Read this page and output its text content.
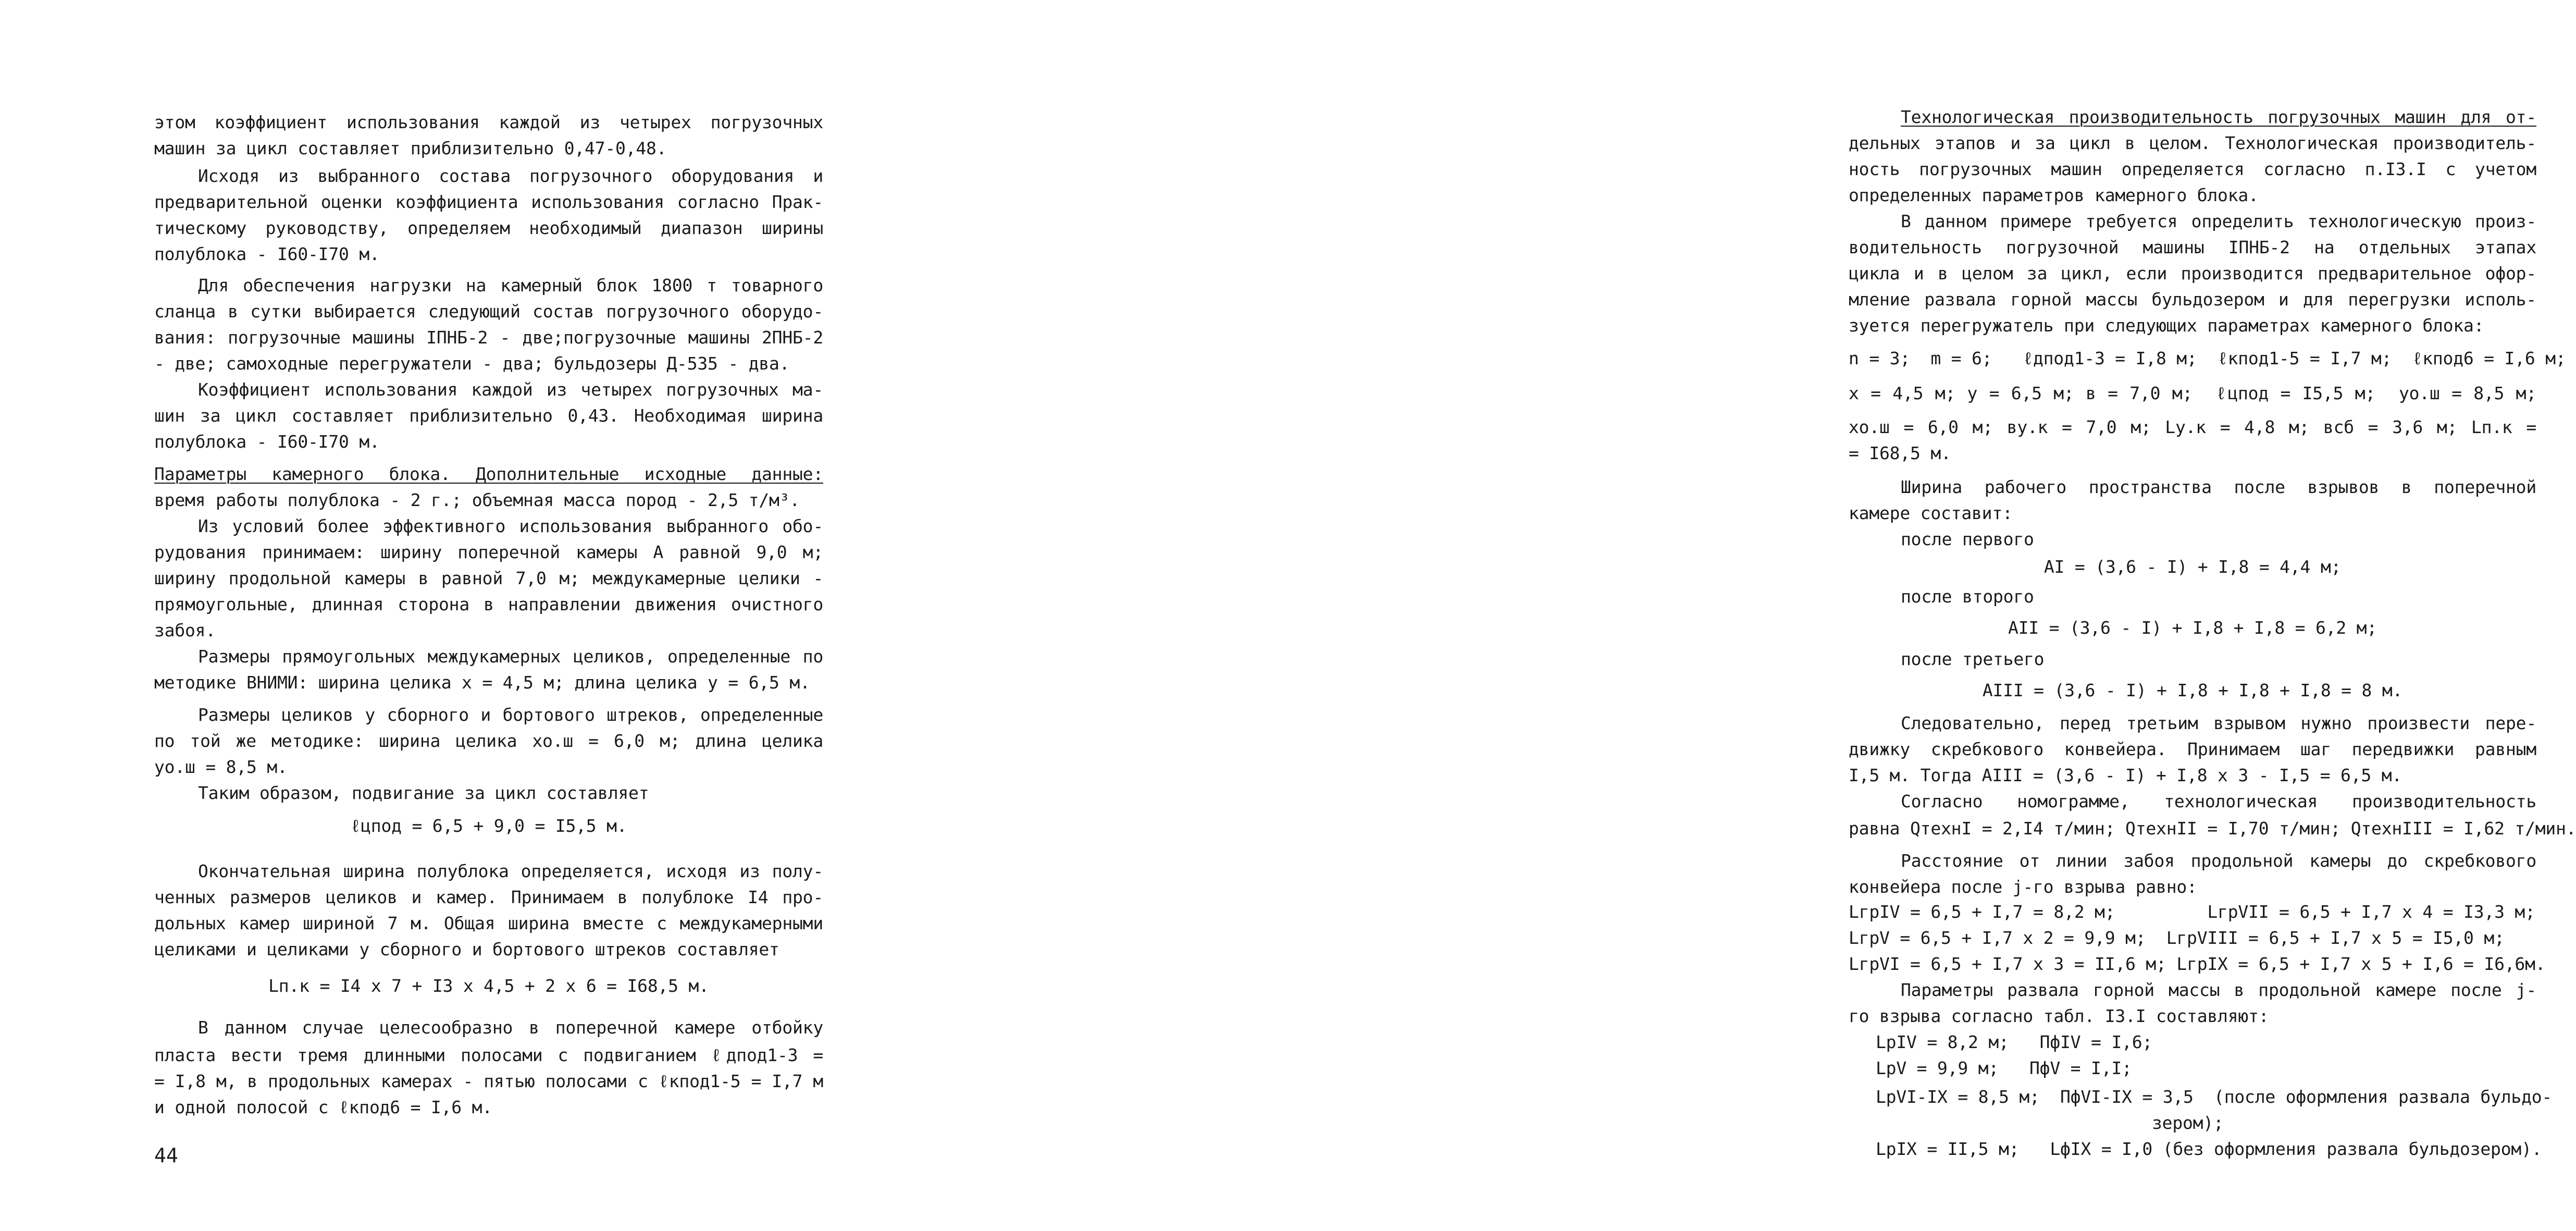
этом коэффициент использования каждой из четырех погрузочных
машин за цикл составляет приблизительно 0,47-0,48.
Исходя из выбранного состава погрузочного оборудования и
предварительной оценки коэффициента использования согласно Прак-
тическому руководству, определяем необходимый диапазон ширины
полублока - I60-I70 м.
Для обеспечения нагрузки на камерный блок 1800 т товарного
сланца в сутки выбирается следующий состав погрузочного оборудо-
вания: погрузочные машины IПНБ-2 - две;погрузочные машины 2ПНБ-2
- две; самоходные перегружатели - два; бульдозеры Д-535 - два.
Коэффициент использования каждой из четырех погрузочных ма-
шин за цикл составляет приблизительно 0,43. Необходимая ширина
полублока - I60-I70 м.
Параметры камерного блока. Дополнительные исходные данные:
время работы полублока - 2 г.; объемная масса пород - 2,5 т/м³.
Из условий более эффективного использования выбранного обо-
рудования принимаем: ширину поперечной камеры A равной 9,0 м;
ширину продольной камеры в равной 7,0 м; междукамерные целики -
прямоугольные, длинная сторона в направлении движения очистного
забоя.
Размеры прямоугольных междукамерных целиков, определенные по
методике ВНИМИ: ширина целика x = 4,5 м; длина целика y = 6,5 м.
Размеры целиков у сборного и бортового штреков, определенные
по той же методике: ширина целика xо.ш = 6,0 м; длина целика
yо.ш = 8,5 м.
Таким образом, подвигание за цикл составляет
ℓцпод = 6,5 + 9,0 = I5,5 м.
Окончательная ширина полублока определяется, исходя из полу-
ченных размеров целиков и камер. Принимаем в полублоке I4 про-
дольных камер шириной 7 м. Общая ширина вместе с междукамерными
целиками и целиками у сборного и бортового штреков составляет
Lп.к = I4 x 7 + I3 x 4,5 + 2 x 6 = I68,5 м.
В данном случае целесообразно в поперечной камере отбойку
пласта вести тремя длинными полосами с подвиганием ℓдпод1-3 =
= I,8 м, в продольных камерах - пятью полосами с ℓкпод1-5 = I,7 м
и одной полосой с ℓкпод6 = I,6 м.
44
Технологическая производительность погрузочных машин для от-
дельных этапов и за цикл в целом. Технологическая производитель-
ность погрузочных машин определяется согласно п.I3.I с учетом
определенных параметров камерного блока.
В данном примере требуется определить технологическую произ-
водительность погрузочной машины IПНБ-2 на отдельных этапах
цикла и в целом за цикл, если производится предварительное офор-
мление развала горной массы бульдозером и для перегрузки исполь-
зуется перегружатель при следующих параметрах камерного блока:
n = 3;  m = 6;   ℓдпод1-3 = I,8 м;  ℓкпод1-5 = I,7 м;  ℓкпод6 = I,6 м;
x = 4,5 м; y = 6,5 м; в = 7,0 м;  ℓцпод = I5,5 м;  yо.ш = 8,5 м;
xо.ш = 6,0 м; ву.к = 7,0 м; Lу.к = 4,8 м; всб = 3,6 м; Lп.к =
= I68,5 м.
Ширина рабочего пространства после взрывов в поперечной
камере составит:
после первого
AI = (3,6 - I) + I,8 = 4,4 м;
после второго
AII = (3,6 - I) + I,8 + I,8 = 6,2 м;
после третьего
AIII = (3,6 - I) + I,8 + I,8 + I,8 = 8 м.
Следовательно, перед третьим взрывом нужно произвести пере-
движку скребкового конвейера. Принимаем шаг передвижки равным
I,5 м. Тогда AIII = (3,6 - I) + I,8 x 3 - I,5 = 6,5 м.
Согласно номограмме, технологическая производительность
равна QтехнI = 2,I4 т/мин; QтехнII = I,70 т/мин; QтехнIII = I,62 т/мин.
Расстояние от линии забоя продольной камеры до скребкового
конвейера после j-го взрыва равно:
LгрIV = 6,5 + I,7 = 8,2 м;         LгрVII = 6,5 + I,7 x 4 = I3,3 м;
LгрV = 6,5 + I,7 x 2 = 9,9 м;  LгрVIII = 6,5 + I,7 x 5 = I5,0 м;
LгрVI = 6,5 + I,7 x 3 = II,6 м; LгрIX = 6,5 + I,7 x 5 + I,6 = I6,6м.
Параметры развала горной массы в продольной камере после j-
го взрыва согласно табл. I3.I составляют:
LрIV = 8,2 м;   ПфIV = I,6;
LрV = 9,9 м;   ПфV = I,I;
LрVI-IX = 8,5 м;  ПфVI-IX = 3,5  (после оформления развала бульдо-
зером);
LрIX = II,5 м;   LфIX = I,0 (без оформления развала бульдозером).
